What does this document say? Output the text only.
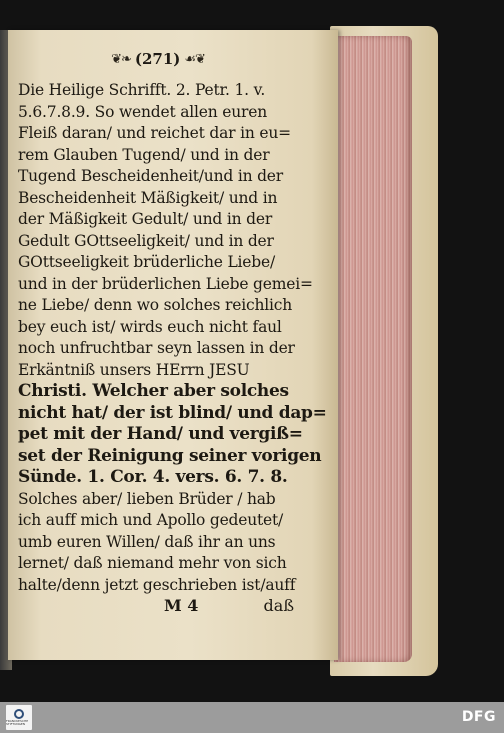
❦❧ (271) ☙❦
Die Heilige Schrifft. 2. Petr. 1. v.
5.6.7.8.9. So wendet allen euren
Fleiß daran/ und reichet dar in eu=
rem Glauben Tugend/ und in der
Tugend Bescheidenheit/und in der
Bescheidenheit Mäßigkeit/ und in
der Mäßigkeit Gedult/ und in der
Gedult GOttseeligkeit/ und in der
GOttseeligkeit brüderliche Liebe/
und in der brüderlichen Liebe gemei=
ne Liebe/ denn wo solches reichlich
bey euch ist/ wirds euch nicht faul
noch unfruchtbar seyn lassen in der
Erkäntniß unsers HErrn JESU
Christi. Welcher aber solches
nicht hat/ der ist blind/ und dap=
pet mit der Hand/ und vergiß=
set der Reinigung seiner vorigen
Sünde. 1. Cor. 4. vers. 6. 7. 8.
Solches aber/ lieben Brüder / hab
ich auff mich und Apollo gedeutet/
umb euren Willen/ daß ihr an uns
lernet/ daß niemand mehr von sich
halte/denn jetzt geschrieben ist/auff
M 4	daß
FRANCKESCHE STIFTUNGEN	DFG
